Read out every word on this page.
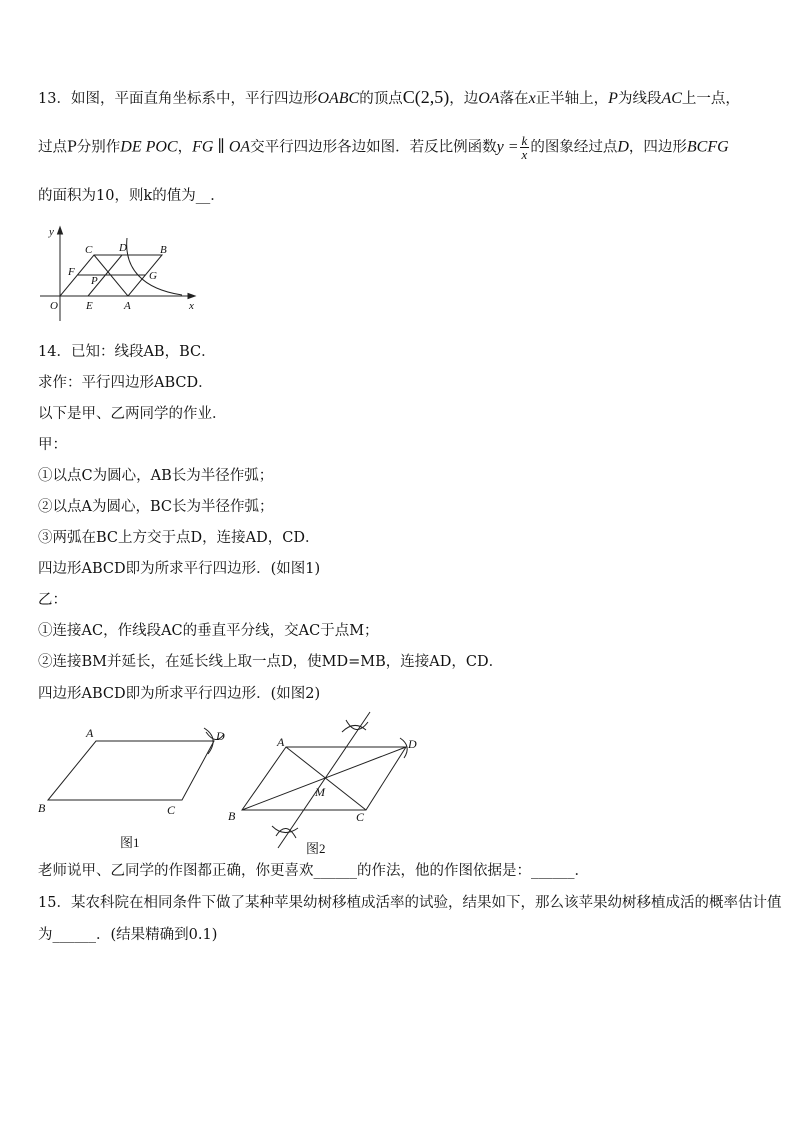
13．如图，平面直角坐标系中，平行四边形OABC的顶点C(2,5)，边OA落在x正半轴上，P为线段AC上一点，
过点P分别作DE POC，FG ∥ OA交平行四边形各边如图．若反比例函数$y = \frac{k}{x}$ 的图象经过点D，四边形BCFG
的面积为10，则k的值为__．
y
x
O	E	A
C D	B
F
P	G
14．已知：线段AB，BC．
求作：平行四边形ABCD．
以下是甲、乙两同学的作业．
甲：
①以点C为圆心，AB长为半径作弧；
②以点A为圆心，BC长为半径作弧；
③两弧在BC上方交于点D，连接AD，CD．
四边形ABCD即为所求平行四边形．(如图1)
乙：
①连接AC，作线段AC的垂直平分线，交AC于点M；
②连接BM并延长，在延长线上取一点D，使MD=MB，连接AD，CD．
四边形ABCD即为所求平行四边形．(如图2)
A	D
B	C
图1
A	D
B	C
M
图2
老师说甲、乙同学的作图都正确，你更喜欢______的作法，他的作图依据是：______．
15．某农科院在相同条件下做了某种苹果幼树移植成活率的试验，结果如下，那么该苹果幼树移植成活的概率估计值
为______．(结果精确到0.1)
